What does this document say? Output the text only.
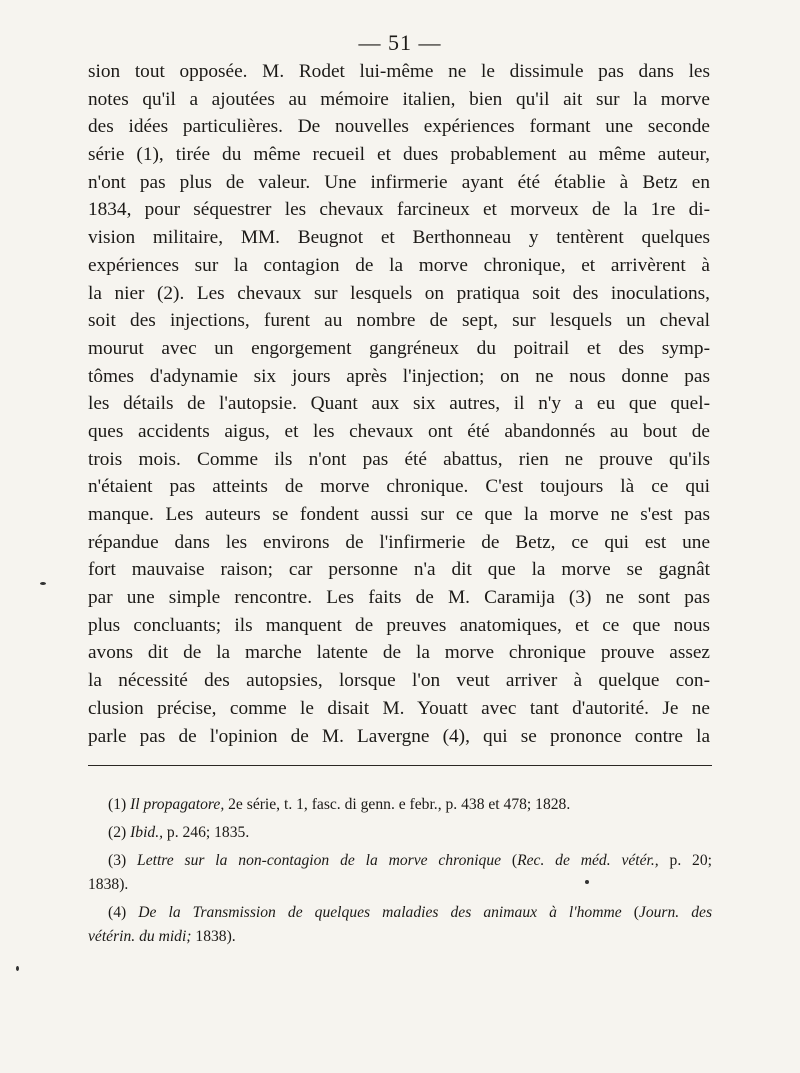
— 51 —
sion tout opposée. M. Rodet lui-même ne le dissimule pas dans les
notes qu'il a ajoutées au mémoire italien, bien qu'il ait sur la morve
des idées particulières. De nouvelles expériences formant une seconde
série (1), tirée du même recueil et dues probablement au même auteur,
n'ont pas plus de valeur. Une infirmerie ayant été établie à Betz en
1834, pour séquestrer les chevaux farcineux et morveux de la 1re di-
vision militaire, MM. Beugnot et Berthonneau y tentèrent quelques
expériences sur la contagion de la morve chronique, et arrivèrent à
la nier (2). Les chevaux sur lesquels on pratiqua soit des inoculations,
soit des injections, furent au nombre de sept, sur lesquels un cheval
mourut avec un engorgement gangréneux du poitrail et des symp-
tômes d'adynamie six jours après l'injection; on ne nous donne pas
les détails de l'autopsie. Quant aux six autres, il n'y a eu que quel-
ques accidents aigus, et les chevaux ont été abandonnés au bout de
trois mois. Comme ils n'ont pas été abattus, rien ne prouve qu'ils
n'étaient pas atteints de morve chronique. C'est toujours là ce qui
manque. Les auteurs se fondent aussi sur ce que la morve ne s'est pas
répandue dans les environs de l'infirmerie de Betz, ce qui est une
fort mauvaise raison; car personne n'a dit que la morve se gagnât
par une simple rencontre. Les faits de M. Caramija (3) ne sont pas
plus concluants; ils manquent de preuves anatomiques, et ce que nous
avons dit de la marche latente de la morve chronique prouve assez
la nécessité des autopsies, lorsque l'on veut arriver à quelque con-
clusion précise, comme le disait M. Youatt avec tant d'autorité. Je ne
parle pas de l'opinion de M. Lavergne (4), qui se prononce contre la
(1) Il propagatore, 2e série, t. 1, fasc. di genn. e febr., p. 438 et 478; 1828.
(2) Ibid., p. 246; 1835.
(3) Lettre sur la non-contagion de la morve chronique (Rec. de méd. vétér., p. 20;
1838).
(4) De la Transmission de quelques maladies des animaux à l'homme (Journ. des
vétérin. du midi; 1838).
